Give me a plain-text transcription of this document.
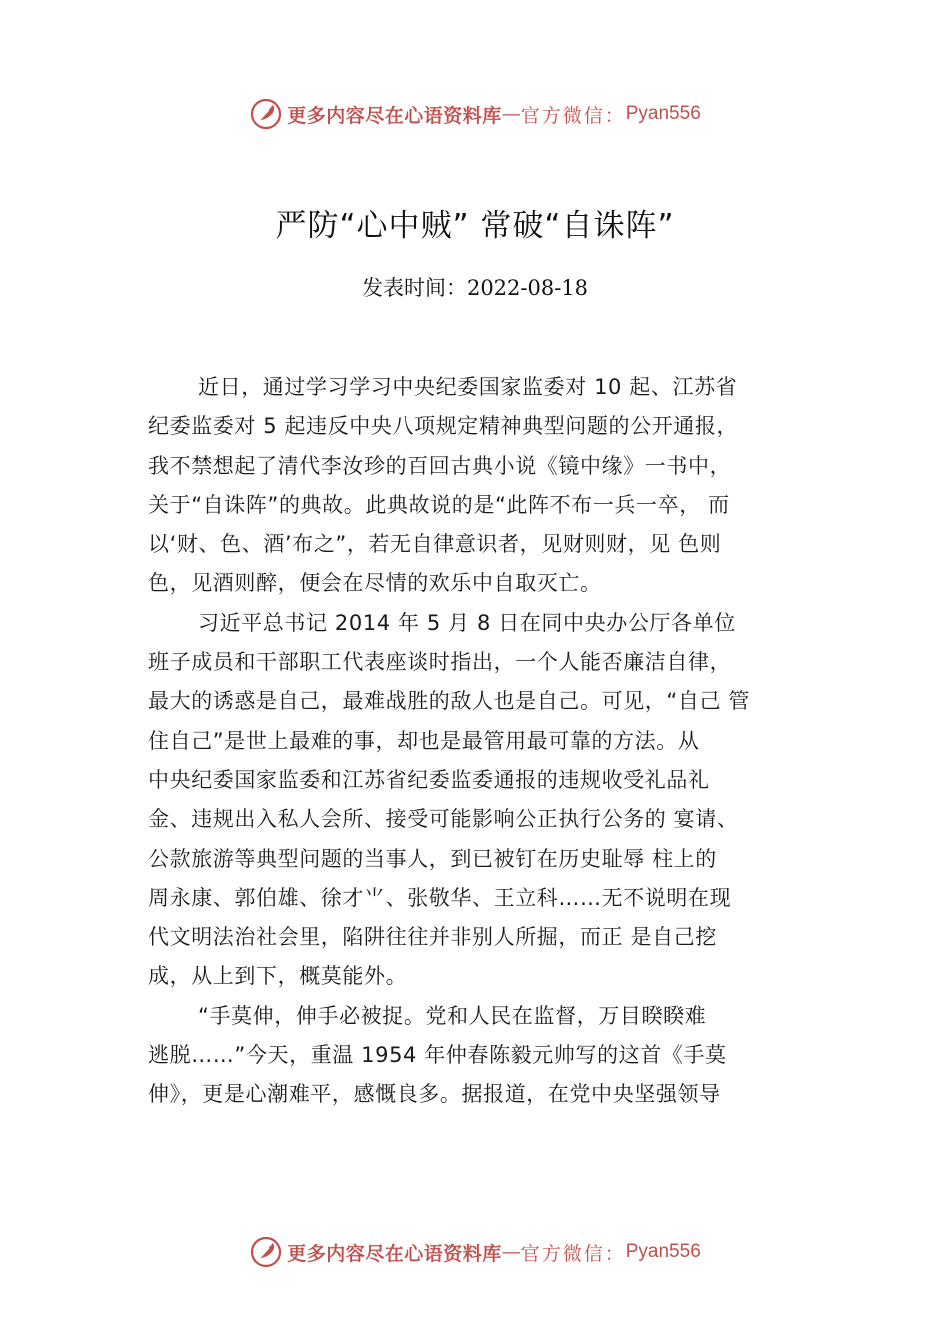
更多内容尽在心语资料库 — 官方微信： Pyan556
严防“心中贼” 常破“自诛阵”
发表时间：2022-08-18
近日，通过学习学习中央纪委国家监委对 10 起、江苏省
纪委监委对 5 起违反中央八项规定精神典型问题的公开通报，
我不禁想起了清代李汝珍的百回古典小说《镜中缘》一书中，
关于“自诛阵”的典故。此典故说的是“此阵不布一兵一卒， 而
以‘财、色、酒’布之”，若无自律意识者，见财则财，见 色则
色，见酒则醉，便会在尽情的欢乐中自取灭亡。
习近平总书记 2014 年 5 月 8 日在同中央办公厅各单位
班子成员和干部职工代表座谈时指出，一个人能否廉洁自律，
最大的诱惑是自己，最难战胜的敌人也是自己。可见，“自己 管
住自己”是世上最难的事，却也是最管用最可靠的方法。从
中央纪委国家监委和江苏省纪委监委通报的违规收受礼品礼
金、违规出入私人会所、接受可能影响公正执行公务的 宴请、
公款旅游等典型问题的当事人，到已被钉在历史耻辱 柱上的
周永康、郭伯雄、徐才⺌、张敬华、王立科……无不说明在现
代文明法治社会里，陷阱往往并非别人所掘，而正 是自己挖
成，从上到下，概莫能外。
“手莫伸，伸手必被捉。党和人民在监督，万目睽睽难
逃脱……”今天，重温 1954 年仲春陈毅元帅写的这首《手莫
伸》，更是心潮难平，感慨良多。据报道，在党中央坚强领导
更多内容尽在心语资料库 — 官方微信： Pyan556
